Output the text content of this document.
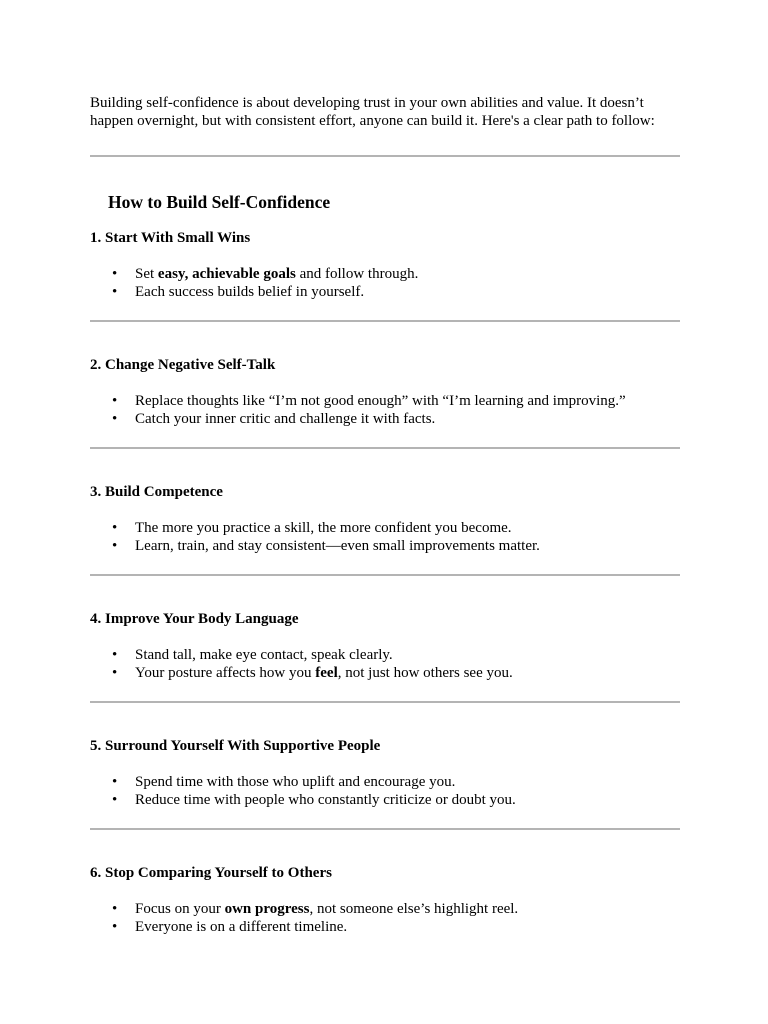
Building self-confidence is about developing trust in your own abilities and value. It doesn’t happen overnight, but with consistent effort, anyone can build it. Here's a clear path to follow:

How to Build Self-Confidence
1. Start With Small Wins
• Set easy, achievable goals and follow through.
• Each success builds belief in yourself.
2. Change Negative Self-Talk
• Replace thoughts like “I’m not good enough” with “I’m learning and improving.”
• Catch your inner critic and challenge it with facts.
3. Build Competence
• The more you practice a skill, the more confident you become.
• Learn, train, and stay consistent—even small improvements matter.
4. Improve Your Body Language
• Stand tall, make eye contact, speak clearly.
• Your posture affects how you feel, not just how others see you.
5. Surround Yourself With Supportive People
• Spend time with those who uplift and encourage you.
• Reduce time with people who constantly criticize or doubt you.
6. Stop Comparing Yourself to Others
• Focus on your own progress, not someone else’s highlight reel.
• Everyone is on a different timeline.
